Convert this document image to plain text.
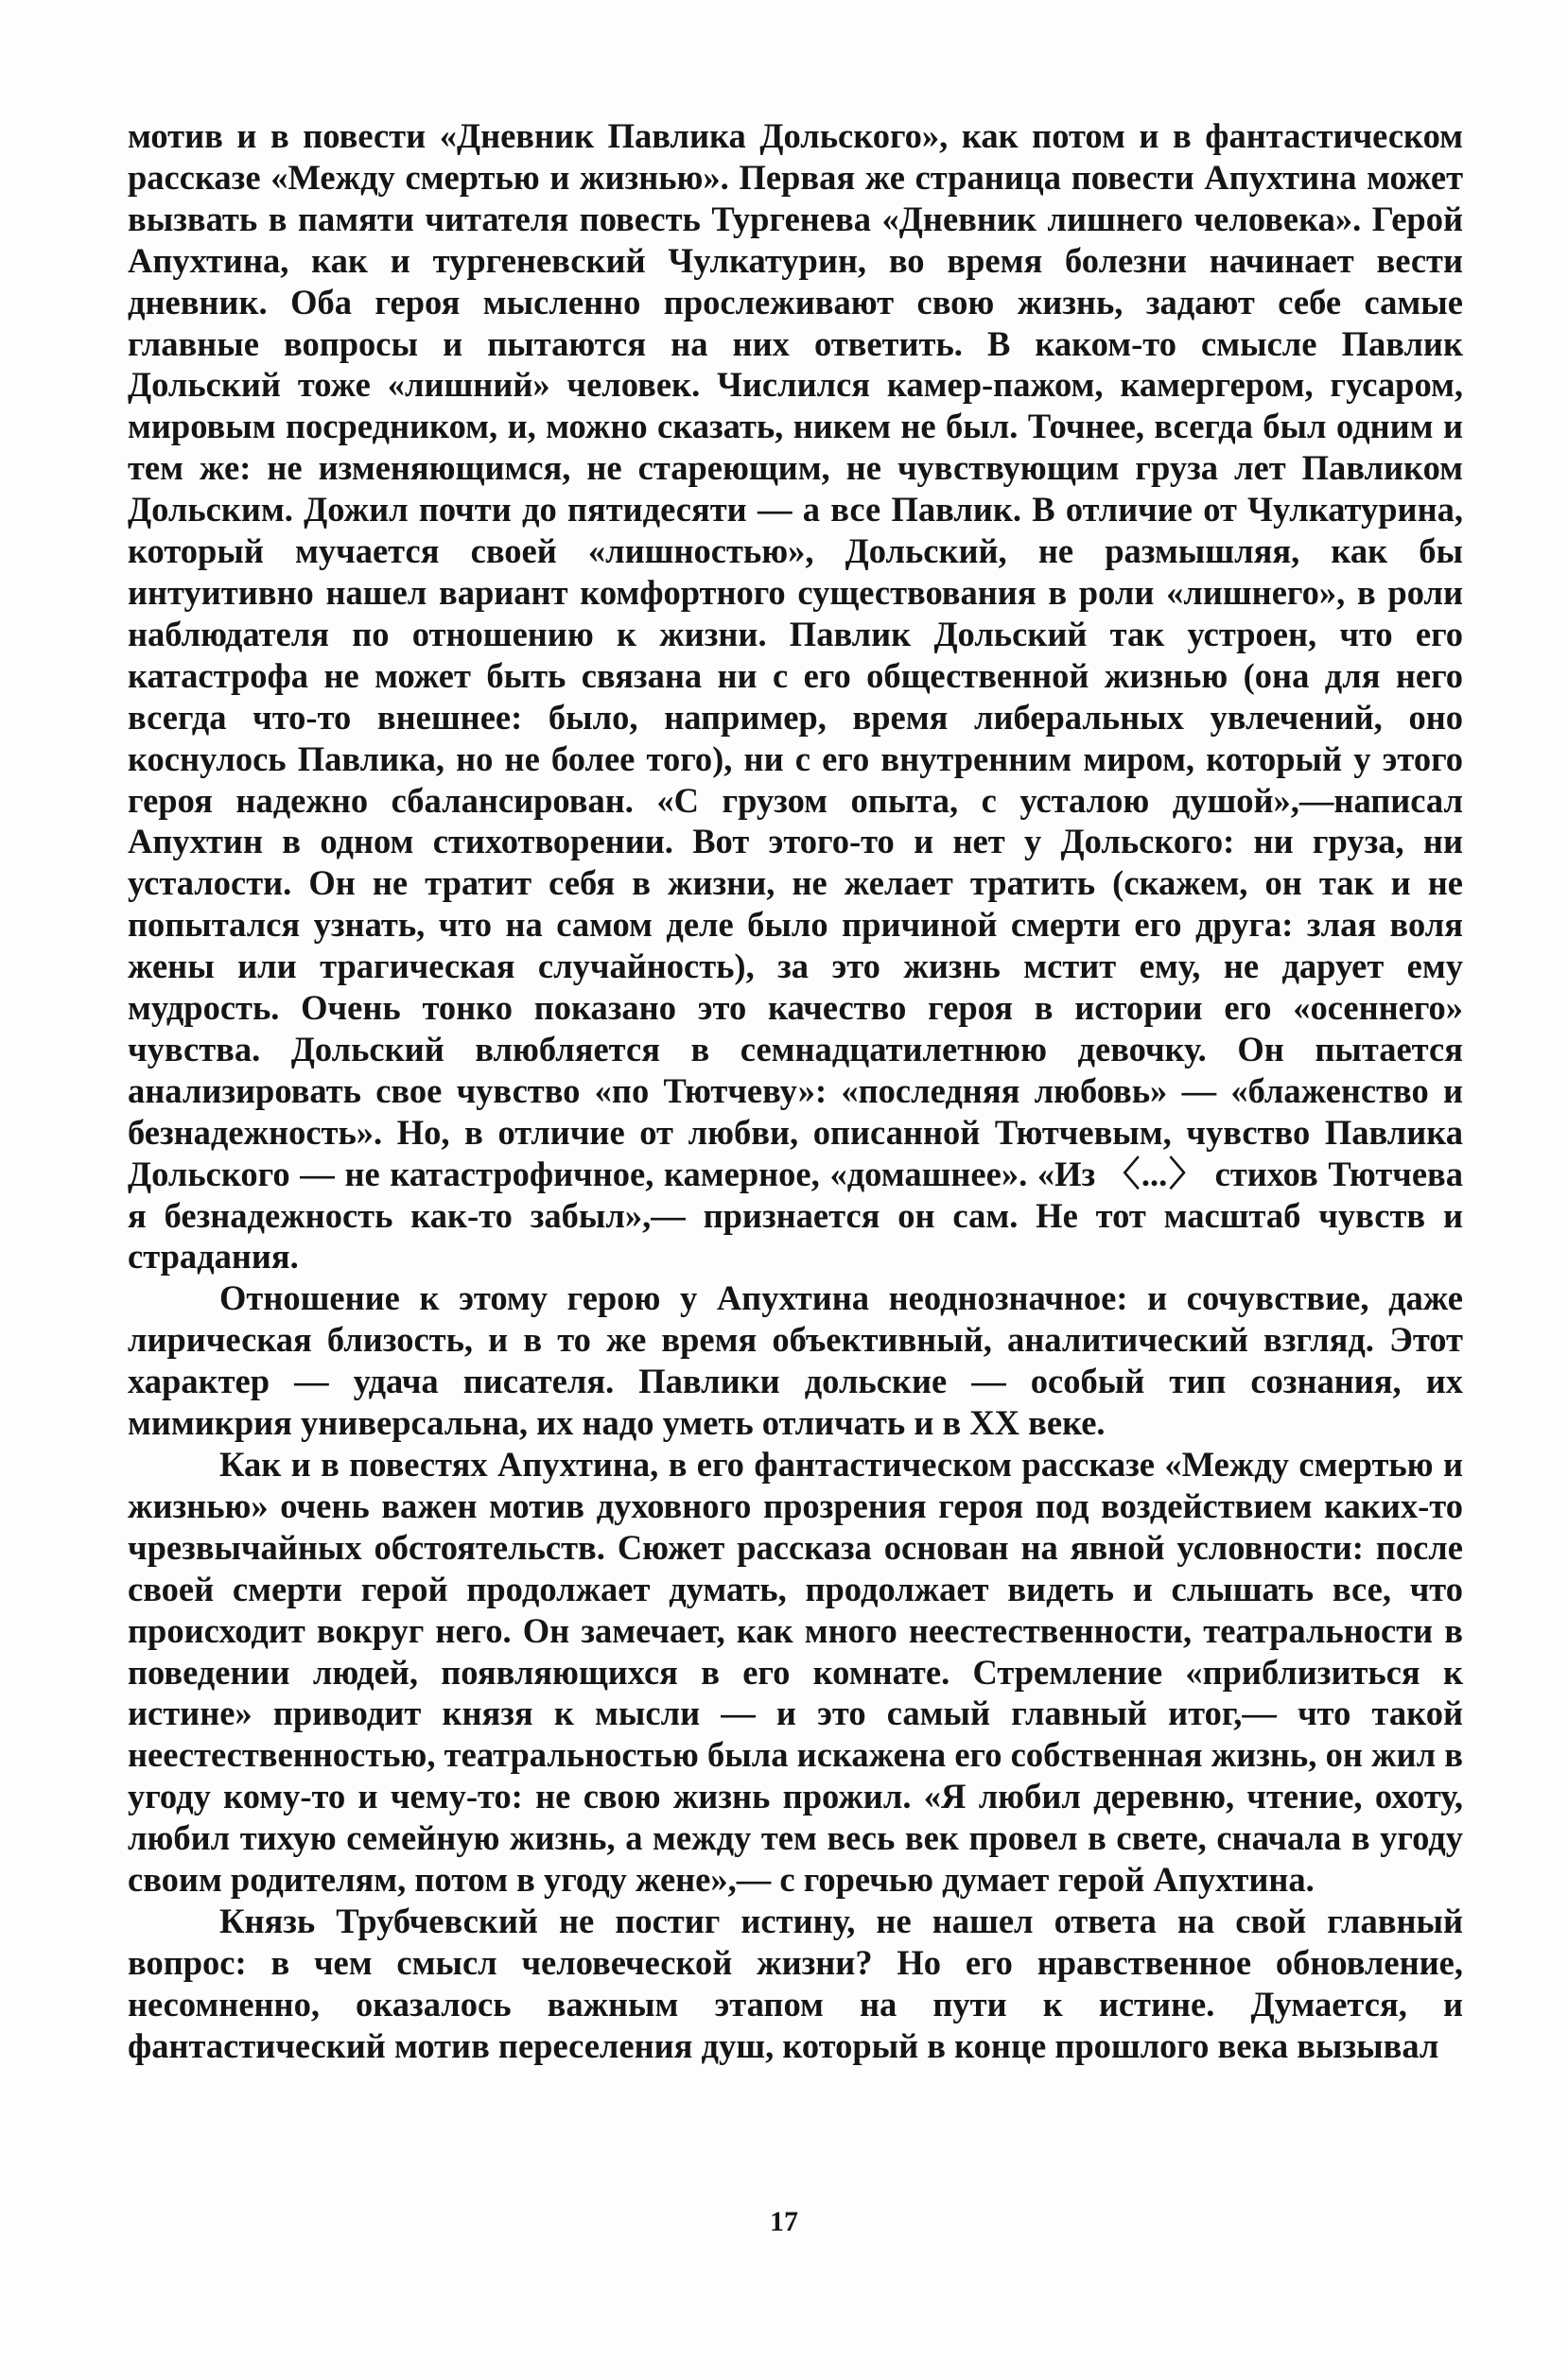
мотив и в повести «Дневник Павлика Дольского», как потом и в фантастическом рассказе «Между смертью и жизнью». Первая же страница повести Апухтина может вызвать в памяти читателя повесть Тургенева «Дневник лишнего человека». Герой Апухтина, как и тургеневский Чулкатурин, во время болезни начинает вести дневник. Оба героя мысленно прослеживают свою жизнь, задают себе самые главные вопросы и пытаются на них ответить. В каком-то смысле Павлик Дольский тоже «лишний» человек. Числился камер-пажом, камергером, гусаром, мировым посредником, и, можно сказать, никем не был. Точнее, всегда был одним и тем же: не изменяющимся, не стареющим, не чувствующим груза лет Павликом Дольским. Дожил почти до пятидесяти — а все Павлик. В отличие от Чулкатурина, который мучается своей «лишностью», Дольский, не размышляя, как бы интуитивно нашел вариант комфортного существования в роли «лишнего», в роли наблюдателя по отношению к жизни. Павлик Дольский так устроен, что его катастрофа не может быть связана ни с его общественной жизнью (она для него всегда что-то внешнее: было, например, время либеральных увлечений, оно коснулось Павлика, но не более того), ни с его внутренним миром, который у этого героя надежно сбалансирован. «С грузом опыта, с усталою душой»,—написал Апухтин в одном стихотворении. Вот этого-то и нет у Дольского: ни груза, ни усталости. Он не тратит себя в жизни, не желает тратить (скажем, он так и не попытался узнать, что на самом деле было причиной смерти его друга: злая воля жены или трагическая случайность), за это жизнь мстит ему, не дарует ему мудрость. Очень тонко показано это качество героя в истории его «осеннего» чувства. Дольский влюбляется в семнадцатилетнюю девочку. Он пытается анализировать свое чувство «по Тютчеву»: «последняя любовь» — «блаженство и безнадежность». Но, в отличие от любви, описанной Тютчевым, чувство Павлика Дольского — не катастрофичное, камерное, «домашнее». «Из 〈...〉 стихов Тютчева я безнадежность как-то забыл»,— признается он сам. Не тот масштаб чувств и страдания.

Отношение к этому герою у Апухтина неоднозначное: и сочувствие, даже лирическая близость, и в то же время объективный, аналитический взгляд. Этот характер — удача писателя. Павлики дольские — особый тип сознания, их мимикрия универсальна, их надо уметь отличать и в XX веке.

Как и в повестях Апухтина, в его фантастическом рассказе «Между смертью и жизнью» очень важен мотив духовного прозрения героя под воздействием каких-то чрезвычайных обстоятельств. Сюжет рассказа основан на явной условности: после своей смерти герой продолжает думать, продолжает видеть и слышать все, что происходит вокруг него. Он замечает, как много неестественности, театральности в поведении людей, появляющихся в его комнате. Стремление «приблизиться к истине» приводит князя к мысли — и это самый главный итог,— что такой неестественностью, театральностью была искажена его собственная жизнь, он жил в угоду кому-то и чему-то: не свою жизнь прожил. «Я любил деревню, чтение, охоту, любил тихую семейную жизнь, а между тем весь век провел в свете, сначала в угоду своим родителям, потом в угоду жене»,— с горечью думает герой Апухтина.

Князь Трубчевский не постиг истину, не нашел ответа на свой главный вопрос: в чем смысл человеческой жизни? Но его нравственное обновление, несомненно, оказалось важным этапом на пути к истине. Думается, и фантастический мотив переселения душ, который в конце прошлого века вызывал

17
